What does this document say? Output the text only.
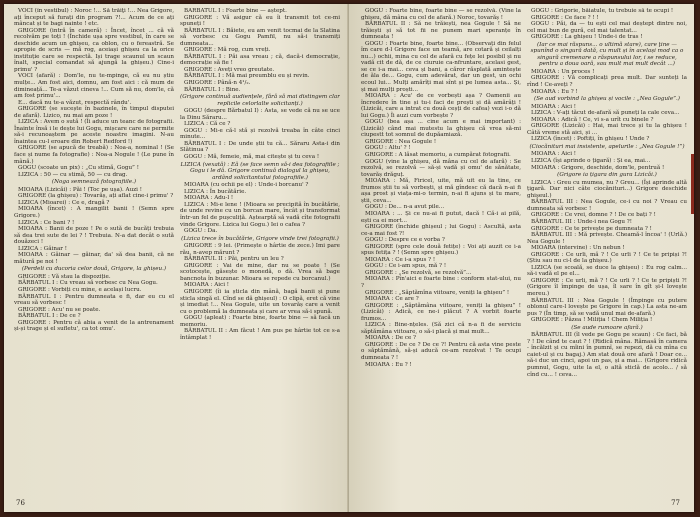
VOCI (în vestibul) : Noroc !... Să trăiţi !... Nea Grigore, ați început să furați din program ?!... Acum de ce ați mâncat și te bagi nainte ! etc.

GRIGORE (intră în cameră) : Încet, încet ... că vă recolvăm pe toți ! (Închide ușa spre vestibul, în care se deschide acum un ghișeu, ca oblon, cu o fereastră. Se apropie de scris — mă rog, aceiași ghișeu ca la orice instituție care se respectă. Iși trage scaunul un scaun înalt, special comandat să ajungă la ghișeu.) Cine-i primu' ?

VOCI (afară) : Dom'le, nu te-mpinge, că eu nu știu mulțe... Am fost aici, domnu, am fost aici : că mum de dimineață... Te-a văzut cineva !... Cum să nu, dom'le, că am fost primu'...

E... dacă nu te-a văzut, respectă rându'.

GRIGORE (se sucește în bazinele, în timpul disputei de afară). Lizico, nu mai am poze !

LIZICA : Avem o sută ! (Îi aduce un teanc de fotografii. Înainte însă i le dește lui Gogu, mișcare care ne permite să-i recunoaștem pe aceste noastre imagini. N-au înaintea cu-l eroare din Robert Redford !)

GRIGORE (se apucă de treabă) : Noa-a, nominal ! (Se face și nume fa fotografie) : Noa-a Nogule ! (Le pune în mână.)

GOGU (scoate un pix) : „Cu stimă, Gogu” !

LIZICA : 50 — cu stimă, 50 — cu drag.

(Noga semnează fotografiile.)

MIOARA (Lizicăi) : Păi ! (Toc pe ușa). Auzi !

GRIGORE (la ghișeu) : Tovarăș, ați aflat cine-i primu' ?

LIZICA (Mioarei) : Ce e, dragă ?

MIOARA (încet) : A mangilit banii ! (Semn spre Grigore.)

LIZICA : Ce bani ? !

MIOARA : Banii de poze ! Pe o sută de bucăți trebuia să dea trei sute de lei ? ! Trebuia. N-a dat decât o sută douăzeci !

LIZICA : Găinar !

MIOARA : Găinar — găinar, da' să dea banii, că ne mătură pe noi !

(Perdeli cu ducoria celor două, Grigore, la ghișeu.)

GRIGORE : Vă stau la dispoziție.

BĂRBATUL I : Cu vreau să vorbesc cu Nea Gogu.

GRIGORE : Vorbiți cu mine, e același lucru.

BĂRBATUL I : Pentru dumneata e fi, dar eu cu el vreau să vorbesc !

GRIGORE : Acu' nu se poate.

BĂRBATUL I : De ce ?

GRIGORE : Pentru că abia a venit de la antrenament și-și trage și el sufletu', ca tot omu'.

BĂRBATUL I : Foarte bine — aștept.

GRIGORE : Vă asigur că eu îi transmit tot ce-mi spuneți !

BĂRBATUL I : Băiete, eu am venit tocmai de la Slatina să vorbesc cu Gogu Pamfil, nu să-i transmiți dumneata...

GRIGORE : Mă rog, cum vreți.

BĂRBATUL I : Păi asa vreau ; că, dacă-i democrație, democrație să fie !

GRIGORE : Aveți vreo greutate.

BĂRBATUL I : Mă mai preumblu eu și revin.

GRIGORE : Până-n 4¹/₂.

BĂRBATUL I : Bine.

(Grigore continuă audiențele, fără să mai distingem clar replicile celorlalte solicitanți.)

GOGU (despre Bărbatul I) : Asta, se vede că nu se uce la Dinu Săraru...

LIZICA : Că ce ?

GOGU : Mi-e că-l stă și rezolvă treaba în câte cinci minute...

BĂRBATUL I : De unde știi tu că... Săraru Asta-i din Slătinua ?

GOGU : Mă, femeie, mă, mai citește și tu ceva !

LIZICA (vexată) : Eă (se face semn să-i dea fotografiile ; Gogu i le dă. Grigore continuă dialogul la ghișeu, ardând solicitantului fotografiile.)

MIOARA (cu ochii pe el) : Unde-i borcanu' ?

LIZICA : În bucătărie.

MIOARA : Adu-l !

LIZICA : Mi-e lene ! (Mioara se precipită în bucătărie, de unde revine cu un borcan mare, încât și transformat într-un fel de pușculiță. Aștearptă să vadă cîte fotografii vinde Grigore. Lizica lui Gogu.) Iei o cafea ?

GOGU : Da.

(Lizica trece în bucătărie, Grigore vinde trei fotografii.)

GRIGORE : 9 lei. (Primește o hârtie de zece.) Imi pare rău, n-avep mărunt ?

BĂRBATUL II : Păi, pentru un leu ?

GRIGORE : Vai de mine, dar nu se poate ! (Se scotocește, găsește o monedă, o dă. Vrea să bage bancnota în buzunar. Mioara se repede cu borcanul.)

MIOARA : Aici !

GRIGORE (îi ia șticla din mână, bagă banii și pune sticla singă el. Cînd se dă ghișeul) : O clipă, eret că vine și imediat !... Nea Gogule, uite un tovarăș care a venit cu o problemă la dumneata și care ar vrea să-i spună.

GOGU (apleat) : Foarte bine, foarte bine — să facă un memoriu.

BĂRBATUL II : Am făcut ! Am pus pe hârtie tot ce s-a întâmplat !

76

GOGU : Foarte bine, foarte bine — se rezolvă. (Vine la ghișeu, dă mâna cu cel de afară.) Noroc, tovarăș !

BĂRBATUL II : Să ne trăiești, nea Gogule ! Să ne trăiești și să tot fii ne punem mari speranțe în dumneata !

GOGU : Foarte bine, foarte bine... (Observați din felul îm care d-l Grigore face un teamă, are cotară și ceilalți nu...) ochii, mina cu cel de afară cu fețe lei posibil și nu vadă cit de dă, de ce ciuruie ca-nfruntare, acelasi gest, se ce i-a mai... ceva și bani, a căror răsplată amintește de ăla de... Gogu, cum adevărat, dar un gest, un ochi ecoul lui... Mulți amărîți mai sînt și pe lumea asta... Și, și mai mulți proști...

MIOARA : Acu' de ce vorbești așa ? Oamenii au încredere în tine și tu-i faci de prești și dă amărâți ! (Lizicăi, care a intrat cu două ceșți de cafea) vezi i-o dă lui Gogu.) Îi auzi cum vorbește ?

GOGU (bea așa ... cine acum e mai important) : (Lizicăi) când mai mutestu la ghișeu că vrea să-mi ciupestt tot somnul de dupăamiază.

GRIGORE : Nea Gogule !

GOGU : Altu' ? !

GRIGORE : A lăsat memoriu, a cumpărat fotografii.

GOGU (vine la ghișeu, dă mâna cu cel de afară) : Se rezolvă, se rezolvă — să-și vadă și omu' de sănătate, tovarăș drăguț.

MIOARA : Mă, Firicel, uite, mă uit eu la tine, ce frumos știi tu să vorbești, și mă gîndesc că dacă n-ai fi așa prost și viața-mi-o termin, n-ai fi ajuns și tu mare, știi, ceva...

GOGU : De... n-a avut pile...

MIOARA : ... Și ce nu-ai fi putut, dacă ! Că-i ai pilă, ești ca ei mort...

GRIGORE (închide ghișeul ; lui Gogu) : Ascultă, asta ce-a mai fost ?!

GOGU : Despre ce e vorba ?

GRIGORE (spre cele două fetițe) : Voi ați auzit ce i-a spus fetița ? ! (Semn spre ghișeu.)

MIOARA : Ce i-a spus ? !

GOGU : Ce i-am spus, mă ? !

GRIGORE : „Se rezolvă, se rezolvă”...

MIOARA : Pîn'aici e foarte bine : conform stat-ului, nu ?

GRIGORE : „Săptămîna viitoare, veniți la ghișeu” !

MIOARA : Ce are ?

GRIGORE : „Săptămâna viitoare, veniți la ghișeu” ! (Lizicăi) : Adică, ce ne-i plăcut ? A vorbit foarte frumos...

LIZICA : Bine-nțeles. (Să zici că n-a fi de serviciu săptămâna viitoare, o să-i placă și mai mult...

MIOARA : De ce ?

GRIGORE : De ce ? De ce ?! Pentru că asta vine peste o săptămână, să-și aducă ce-am rezolvat ! Te ocupi dumneata ? !

MIOARA : Eu ? !

GOGU : Grigorie, băiatule, tu trebuie să te ocupi !

GRIGORE : Ce face ? ! !

GOGU : Păi, da — tu ești cel mai deștept dintre noi, cel mai bun de gură, cel mai talentat...

GRIGORE : La ghișeu ! Unde-i de tras !

(Iar ce mai răspuns... o ultimă stare), care ţine — spunînd o singură dată, cu mult și în același mod ca o singură cremenare a răspunsului lor, i se reduce, pentru a doua oară, sau mult mai mult decât ...)

MIOARA : Un proces !

GRIGORE : Vă complicați prea mult. Dar sunteți la rînd ! Ce-aveți ?

MIOARA : Eu ? !

(Se aud vorbind la ghișeu și vocile : „Nea Gogule”.)

MIOARA : Aici !

LIZICA : V-ați tăcut de-afară să puneți la cale ceva...

MIOARA : Adică ! Ce, vi s-a urît cu binele ?

GRIGORE (Lizicăi) : Hai, mai trece și tu la ghișeu ! Câtă vreme stă aici, și ...

LIZICA (încet) : Poftiți, în ghișeu ! Unde ?

(Ciocănituri mai insistente, apelurile : „Nea Gogule !”)

MIOARA : Aici !

LIZICA (își aprinde o țigară) : Și ea, mai...

MIOARA : Grigore, deschide, dom'le, pentruă !

(Grigore ia țigara din gura Lizicăi.)

LIZICA : Greu cu mumea, nu ? Greu... (Își aprinde altă țigară. Dar nici câte ciocănituri...) Grigore deschide ghișeul.)

BĂRBATUL III : Nea Gogule, ce-i cu noi ? Vreau cu dumneata să vorbesc !

GRIGORE : Ce vrei, domne ? ! De ce bați ? !

BĂRBATUL III : Unde-i nea Gogu ?!

GRIGORE : Ce te privește pe dumneata ? !

BĂRBATUL III : Mă privește. Cheamă-l încoa' ! (Urlă.) Nea Gogule !

MIOARA (intervine) : Un nebun !

GRIGORE : Ce urli, mă ? ! Ce urli ? ! Ce te pripiși ?! (Știu sau nu ci-l de la ghișeu.)

LIZICA (se scoală, se duce la ghișeu) : Eu rog calm... să-i vadă el pe el...

GRIGORE : Ce urli, mă ? ! Ce urli ? ! Ce te pripiști ?! (Grigore îl împinge de ușa, îl sare în gît și-l lovește mereu.)

BĂRBATUL III : Nea Gogule ! (Împinge cu putere oblonul care-l lovește pe Grigore în cap.) La asta ne-am pus ? (În timp, să se vadă unul mai de-afară.)

GRIGORE : Păzea ! Miliția ! Chem Miliția !

(Se aude rumoare afară.)

BĂRBATUL III (îl vede pe Gogu pe scaun) : Ce faci, bă ? ! De când te caut ? ! (Ridică mâna. Rămasă în camera - încălzit și cu mîini în pumnî, se repezi, dă cu mîna cu caiet-ul și cu bagaj.) Am stat două ore afară ! Doar ce... să-i duc un cinci, apoi un pas, și a mai... (Grigore ridică pumnul, Gogu, uite la el, o altă sticlă de acolo... / să cînd cu... ! ceva...

77
